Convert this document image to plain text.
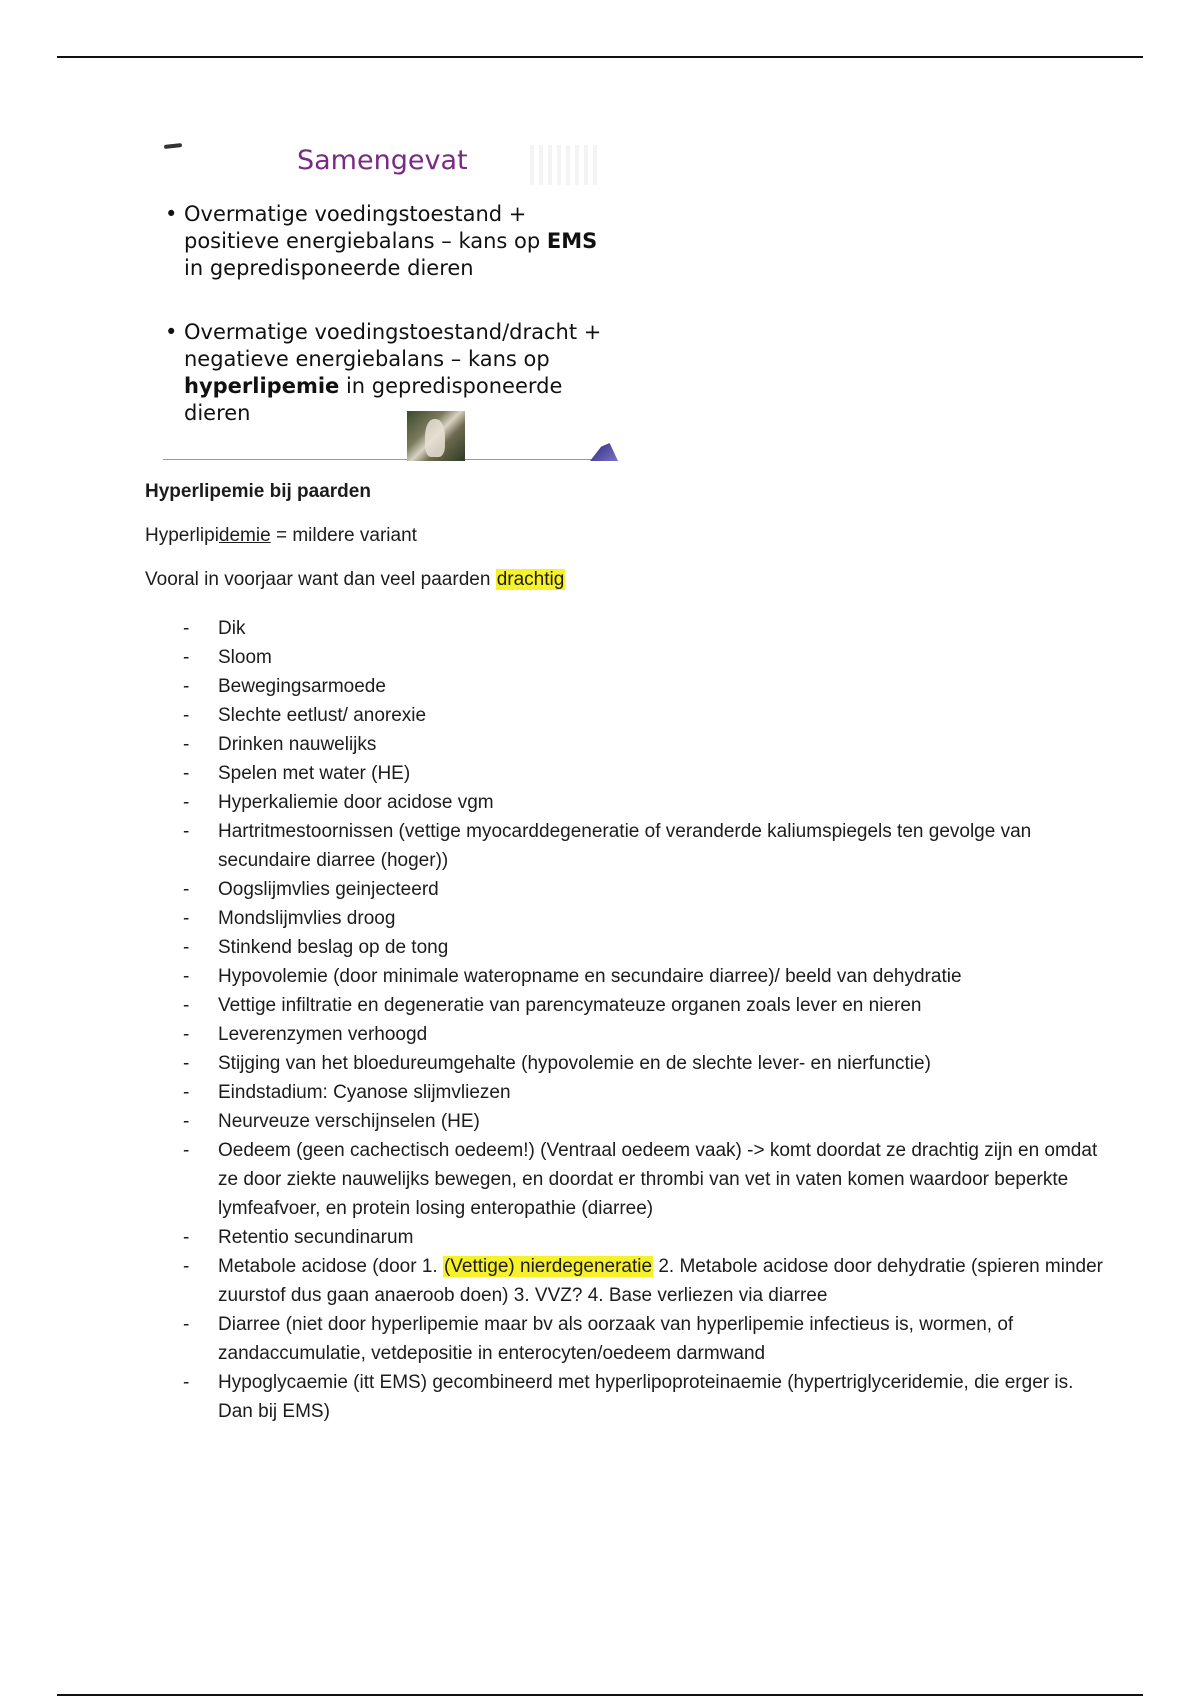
Samengevat
• Overmatige voedingstoestand + positieve energiebalans – kans op EMS in gepredisponeerde dieren
• Overmatige voedingstoestand/dracht + negatieve energiebalans – kans op hyperlipemie in gepredisponeerde dieren

Hyperlipemie bij paarden

Hyperlipidemie = mildere variant

Vooral in voorjaar want dan veel paarden drachtig

- Dik
- Sloom
- Bewegingsarmoede
- Slechte eetlust/ anorexie
- Drinken nauwelijks
- Spelen met water (HE)
- Hyperkaliemie door acidose vgm
- Hartritmestoornissen (vettige myocarddegeneratie of veranderde kaliumspiegels ten gevolge van secundaire diarree (hoger))
- Oogslijmvlies geinjecteerd
- Mondslijmvlies droog
- Stinkend beslag op de tong
- Hypovolemie (door minimale wateropname en secundaire diarree)/ beeld van dehydratie
- Vettige infiltratie en degeneratie van parencymateuze organen zoals lever en nieren
- Leverenzymen verhoogd
- Stijging van het bloedureumgehalte (hypovolemie en de slechte lever- en nierfunctie)
- Eindstadium: Cyanose slijmvliezen
- Neurveuze verschijnselen (HE)
- Oedeem (geen cachectisch oedeem!) (Ventraal oedeem vaak) -> komt doordat ze drachtig zijn en omdat ze door ziekte nauwelijks bewegen, en doordat er thrombi van vet in vaten komen waardoor beperkte lymfeafvoer, en protein losing enteropathie (diarree)
- Retentio secundinarum
- Metabole acidose (door 1. (Vettige) nierdegeneratie 2. Metabole acidose door dehydratie (spieren minder zuurstof dus gaan anaeroob doen) 3. VVZ? 4. Base verliezen via diarree
- Diarree (niet door hyperlipemie maar bv als oorzaak van hyperlipemie infectieus is, wormen, of zandaccumulatie, vetdepositie in enterocyten/oedeem darmwand
- Hypoglycaemie (itt EMS) gecombineerd met hyperlipoproteinaemie (hypertriglyceridemie, die erger is. Dan bij EMS)
